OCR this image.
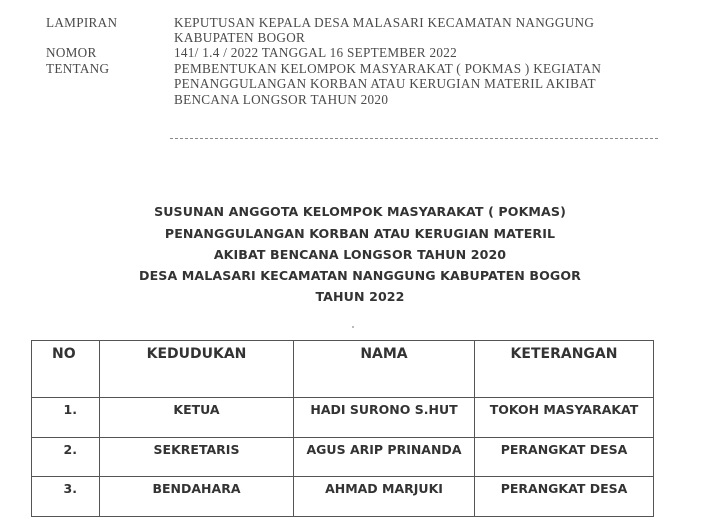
LAMPIRAN	KEPUTUSAN KEPALA DESA MALASARI KECAMATAN NANGGUNG
KABUPATEN BOGOR
NOMOR	141/ 1.4 / 2022 TANGGAL 16 SEPTEMBER 2022
TENTANG	PEMBENTUKAN KELOMPOK MASYARAKAT ( POKMAS ) KEGIATAN
PENANGGULANGAN KORBAN ATAU KERUGIAN MATERIL AKIBAT
BENCANA LONGSOR TAHUN 2020
SUSUNAN ANGGOTA KELOMPOK MASYARAKAT ( POKMAS)
PENANGGULANGAN KORBAN ATAU KERUGIAN MATERIL
AKIBAT BENCANA LONGSOR TAHUN 2020
DESA MALASARI KECAMATAN NANGGUNG KABUPATEN BOGOR
TAHUN 2022
NO	KEDUDUKAN	NAMA	KETERANGAN
1.	KETUA	HADI SURONO S.HUT	TOKOH MASYARAKAT
2.	SEKRETARIS	AGUS ARIP PRINANDA	PERANGKAT DESA
3.	BENDAHARA	AHMAD MARJUKI	PERANGKAT DESA
